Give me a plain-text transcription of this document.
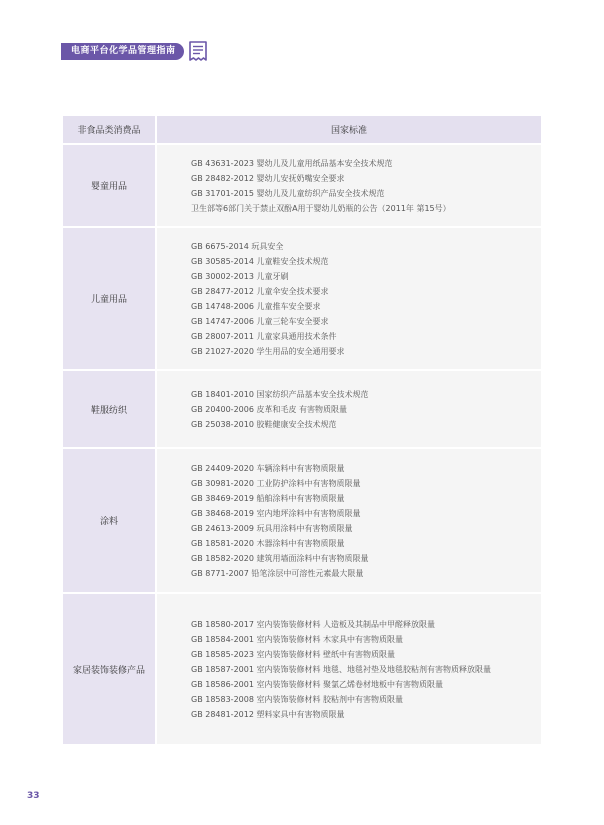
电商平台化学品管理指南
非食品类消费品	国家标准
婴童用品
GB 43631-2023 婴幼儿及儿童用纸品基本安全技术规范
GB 28482-2012 婴幼儿安抚奶嘴安全要求
GB 31701-2015 婴幼儿及儿童纺织产品安全技术规范
卫生部等6部门关于禁止双酚A用于婴幼儿奶瓶的公告（2011年 第15号）
儿童用品
GB 6675-2014 玩具安全
GB 30585-2014 儿童鞋安全技术规范
GB 30002-2013 儿童牙刷
GB 28477-2012 儿童伞安全技术要求
GB 14748-2006 儿童推车安全要求
GB 14747-2006 儿童三轮车安全要求
GB 28007-2011 儿童家具通用技术条件
GB 21027-2020 学生用品的安全通用要求
鞋服纺织
GB 18401-2010 国家纺织产品基本安全技术规范
GB 20400-2006 皮革和毛皮 有害物质限量
GB 25038-2010 胶鞋健康安全技术规范
涂料
GB 24409-2020 车辆涂料中有害物质限量
GB 30981-2020 工业防护涂料中有害物质限量
GB 38469-2019 船舶涂料中有害物质限量
GB 38468-2019 室内地坪涂料中有害物质限量
GB 24613-2009 玩具用涂料中有害物质限量
GB 18581-2020 木器涂料中有害物质限量
GB 18582-2020 建筑用墙面涂料中有害物质限量
GB 8771-2007 铅笔涂层中可溶性元素最大限量
家居装饰装修产品
GB 18580-2017 室内装饰装修材料 人造板及其制品中甲醛释放限量
GB 18584-2001 室内装饰装修材料 木家具中有害物质限量
GB 18585-2023 室内装饰装修材料 壁纸中有害物质限量
GB 18587-2001 室内装饰装修材料 地毯、地毯衬垫及地毯胶粘剂有害物质释放限量
GB 18586-2001 室内装饰装修材料 聚氯乙烯卷材地板中有害物质限量
GB 18583-2008 室内装饰装修材料 胶粘剂中有害物质限量
GB 28481-2012 塑料家具中有害物质限量
33
